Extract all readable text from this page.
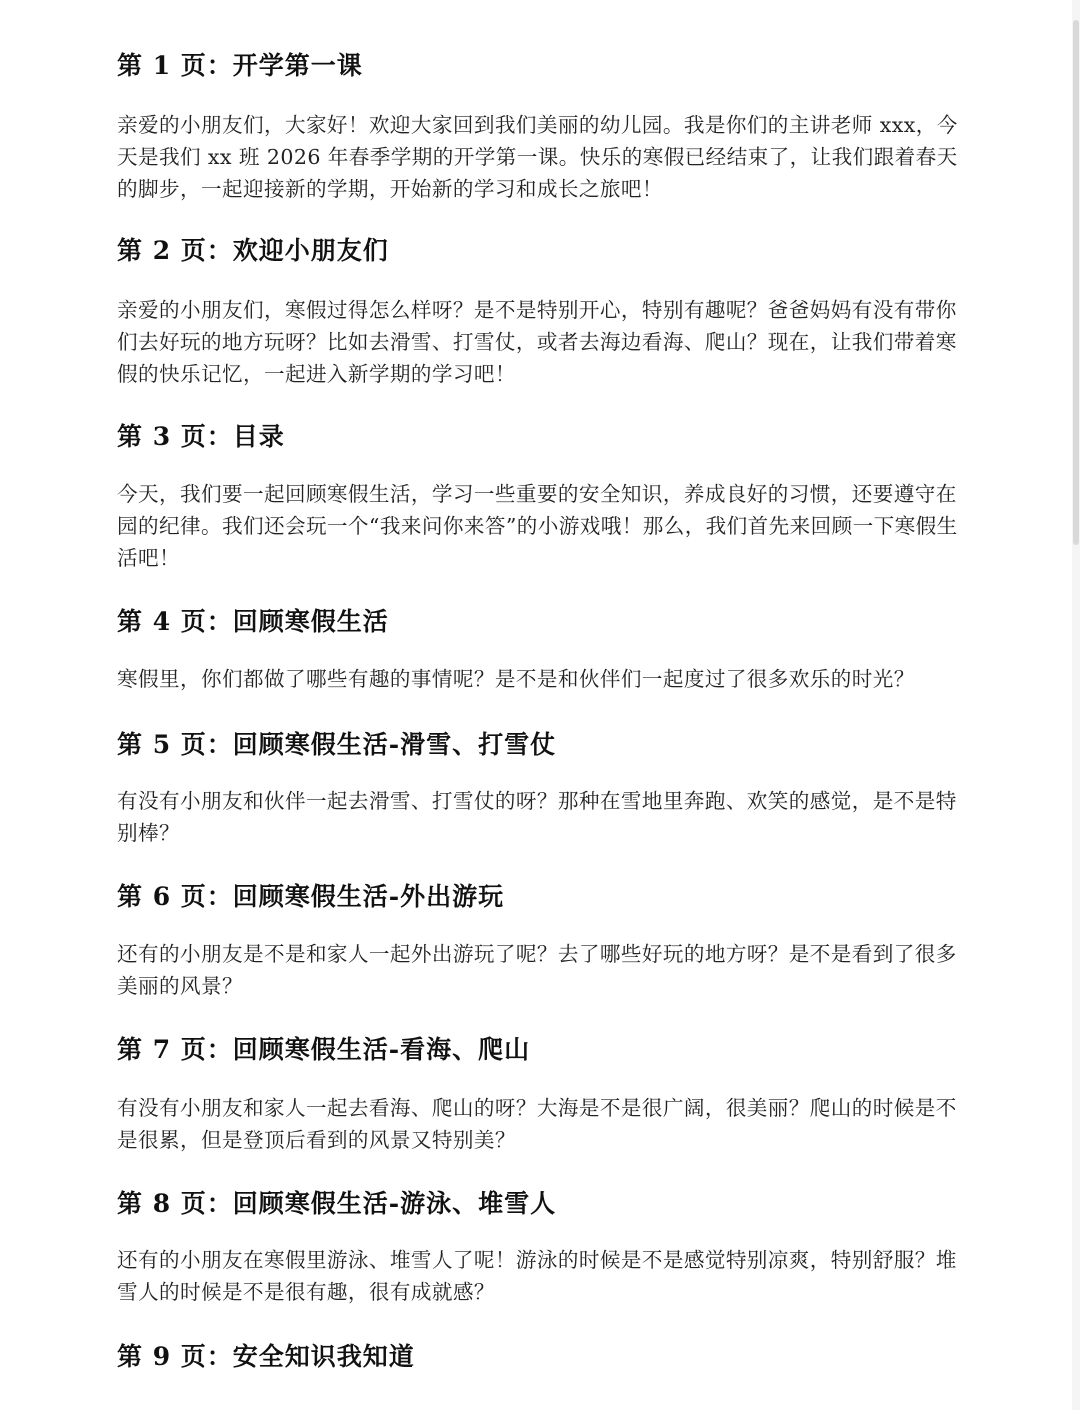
第 1 页：开学第一课

亲爱的小朋友们，大家好！欢迎大家回到我们美丽的幼儿园。我是你们的主讲老师 xxx，今天是我们 xx 班 2026 年春季学期的开学第一课。快乐的寒假已经结束了，让我们跟着春天的脚步，一起迎接新的学期，开始新的学习和成长之旅吧！

第 2 页：欢迎小朋友们

亲爱的小朋友们，寒假过得怎么样呀？是不是特别开心，特别有趣呢？爸爸妈妈有没有带你们去好玩的地方玩呀？比如去滑雪、打雪仗，或者去海边看海、爬山？现在，让我们带着寒假的快乐记忆，一起进入新学期的学习吧！

第 3 页：目录

今天，我们要一起回顾寒假生活，学习一些重要的安全知识，养成良好的习惯，还要遵守在园的纪律。我们还会玩一个“我来问你来答”的小游戏哦！那么，我们首先来回顾一下寒假生活吧！

第 4 页：回顾寒假生活

寒假里，你们都做了哪些有趣的事情呢？是不是和伙伴们一起度过了很多欢乐的时光？

第 5 页：回顾寒假生活-滑雪、打雪仗

有没有小朋友和伙伴一起去滑雪、打雪仗的呀？那种在雪地里奔跑、欢笑的感觉，是不是特别棒？

第 6 页：回顾寒假生活-外出游玩

还有的小朋友是不是和家人一起外出游玩了呢？去了哪些好玩的地方呀？是不是看到了很多美丽的风景？

第 7 页：回顾寒假生活-看海、爬山

有没有小朋友和家人一起去看海、爬山的呀？大海是不是很广阔，很美丽？爬山的时候是不是很累，但是登顶后看到的风景又特别美？

第 8 页：回顾寒假生活-游泳、堆雪人

还有的小朋友在寒假里游泳、堆雪人了呢！游泳的时候是不是感觉特别凉爽，特别舒服？堆雪人的时候是不是很有趣，很有成就感？

第 9 页：安全知识我知道
